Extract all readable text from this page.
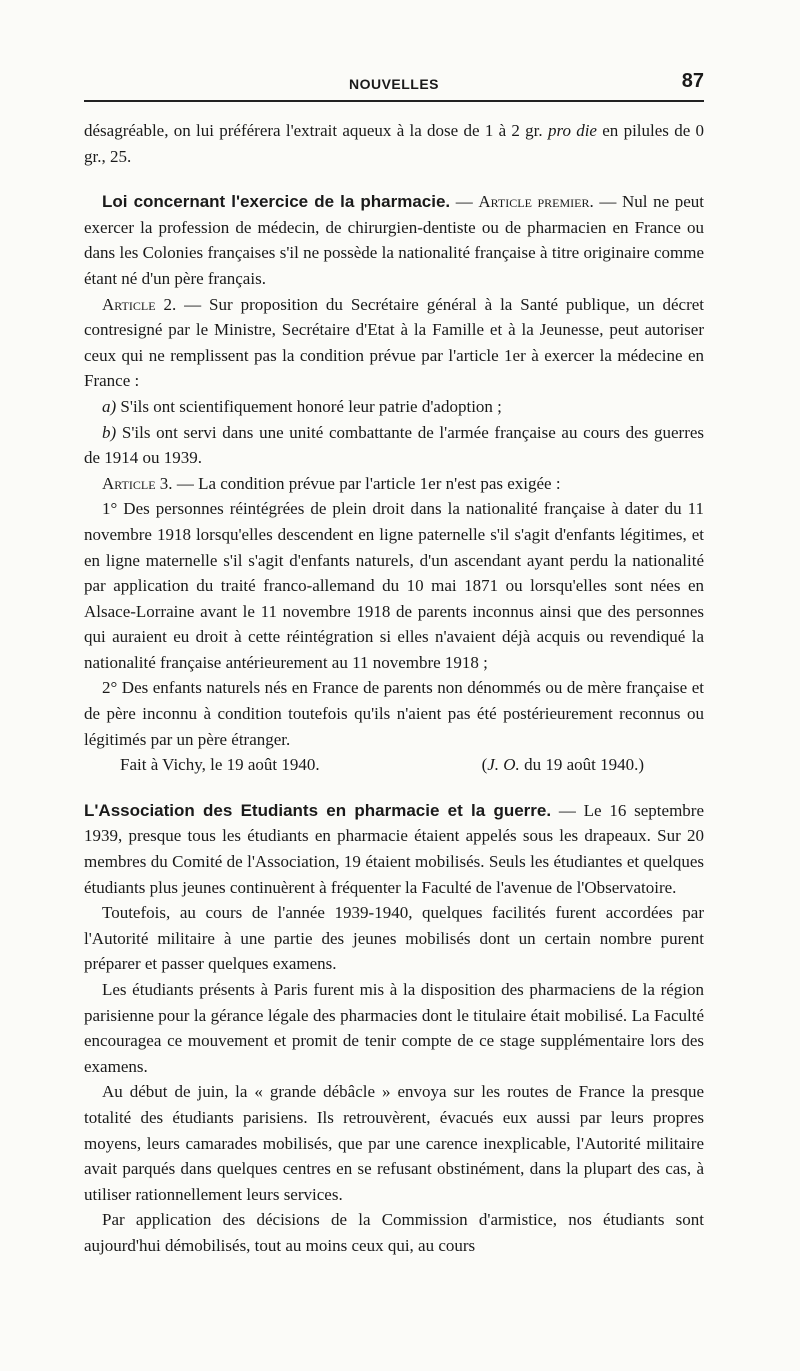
NOUVELLES	87

désagréable, on lui préférera l'extrait aqueux à la dose de 1 à 2 gr. pro die en pilules de 0 gr., 25.

Loi concernant l'exercice de la pharmacie. — Article premier. — Nul ne peut exercer la profession de médecin, de chirurgien-dentiste ou de pharmacien en France ou dans les Colonies françaises s'il ne possède la nationalité française à titre originaire comme étant né d'un père français.

Article 2. — Sur proposition du Secrétaire général à la Santé publique, un décret contresigné par le Ministre, Secrétaire d'Etat à la Famille et à la Jeunesse, peut autoriser ceux qui ne remplissent pas la condition prévue par l'article 1er à exercer la médecine en France :

a) S'ils ont scientifiquement honoré leur patrie d'adoption ;

b) S'ils ont servi dans une unité combattante de l'armée française au cours des guerres de 1914 ou 1939.

Article 3. — La condition prévue par l'article 1er n'est pas exigée :

1° Des personnes réintégrées de plein droit dans la nationalité française à dater du 11 novembre 1918 lorsqu'elles descendent en ligne paternelle s'il s'agit d'enfants légitimes, et en ligne maternelle s'il s'agit d'enfants naturels, d'un ascendant ayant perdu la nationalité par application du traité franco-allemand du 10 mai 1871 ou lorsqu'elles sont nées en Alsace-Lorraine avant le 11 novembre 1918 de parents inconnus ainsi que des personnes qui auraient eu droit à cette réintégration si elles n'avaient déjà acquis ou revendiqué la nationalité française antérieurement au 11 novembre 1918 ;

2° Des enfants naturels nés en France de parents non dénommés ou de mère française et de père inconnu à condition toutefois qu'ils n'aient pas été postérieurement reconnus ou légitimés par un père étranger.

Fait à Vichy, le 19 août 1940.	(J. O. du 19 août 1940.)

L'Association des Etudiants en pharmacie et la guerre. — Le 16 septembre 1939, presque tous les étudiants en pharmacie étaient appelés sous les drapeaux. Sur 20 membres du Comité de l'Association, 19 étaient mobilisés. Seuls les étudiantes et quelques étudiants plus jeunes continuèrent à fréquenter la Faculté de l'avenue de l'Observatoire.

Toutefois, au cours de l'année 1939-1940, quelques facilités furent accordées par l'Autorité militaire à une partie des jeunes mobilisés dont un certain nombre purent préparer et passer quelques examens.

Les étudiants présents à Paris furent mis à la disposition des pharmaciens de la région parisienne pour la gérance légale des pharmacies dont le titulaire était mobilisé. La Faculté encouragea ce mouvement et promit de tenir compte de ce stage supplémentaire lors des examens.

Au début de juin, la « grande débâcle » envoya sur les routes de France la presque totalité des étudiants parisiens. Ils retrouvèrent, évacués eux aussi par leurs propres moyens, leurs camarades mobilisés, que par une carence inexplicable, l'Autorité militaire avait parqués dans quelques centres en se refusant obstinément, dans la plupart des cas, à utiliser rationnellement leurs services.

Par application des décisions de la Commission d'armistice, nos étudiants sont aujourd'hui démobilisés, tout au moins ceux qui, au cours
